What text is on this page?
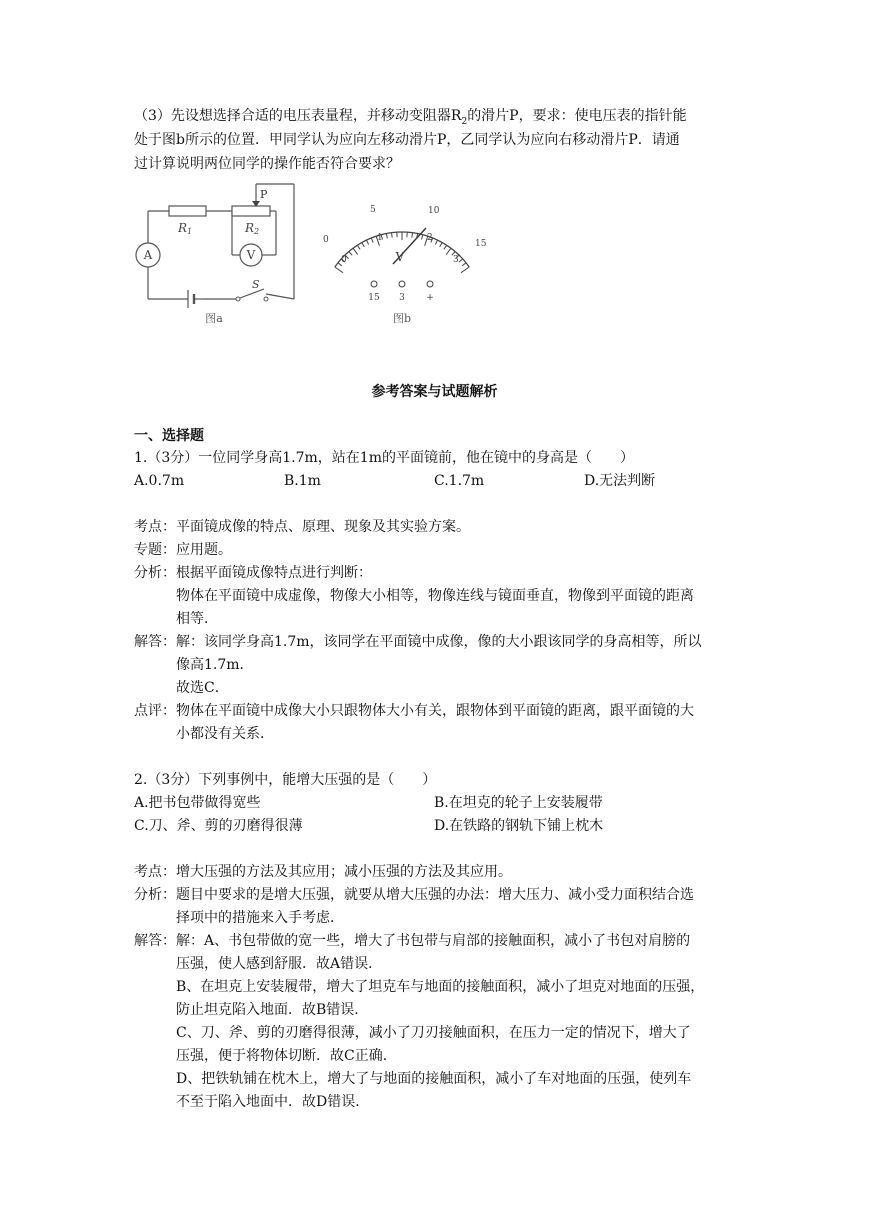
（3）先设想选择合适的电压表量程，并移动变阻器$R_2$的滑片P，要求：使电压表的指针能
处于图b所示的位置．甲同学认为应向左移动滑片P，乙同学认为应向右移动滑片P．请通
过计算说明两位同学的操作能否符合要求？
P
R1	R2
A	V
S
图a
0
5	10
15
0
1	2
3
V
15 3 +
图b
参考答案与试题解析
一、选择题
1.（3分）一位同学身高1.7m，站在1m的平面镜前，他在镜中的身高是（　　）
A.0.7m	B.1m	C.1.7m	D.无法判断
考点：平面镜成像的特点、原理、现象及其实验方案。
专题：应用题。
分析：根据平面镜成像特点进行判断：
物体在平面镜中成虚像，物像大小相等，物像连线与镜面垂直，物像到平面镜的距离
相等．
解答：解：该同学身高1.7m，该同学在平面镜中成像，像的大小跟该同学的身高相等，所以
像高1.7m．
故选C．
点评：物体在平面镜中成像大小只跟物体大小有关，跟物体到平面镜的距离，跟平面镜的大
小都没有关系．
2.（3分）下列事例中，能增大压强的是（　　）
A.把书包带做得宽些	B.在坦克的轮子上安装履带
C.刀、斧、剪的刃磨得很薄	D.在铁路的钢轨下铺上枕木
考点：增大压强的方法及其应用；减小压强的方法及其应用。
分析：题目中要求的是增大压强，就要从增大压强的办法：增大压力、减小受力面积结合选
择项中的措施来入手考虑．
解答：解：A、书包带做的宽一些，增大了书包带与肩部的接触面积，减小了书包对肩膀的
压强，使人感到舒服．故A错误．
B、在坦克上安装履带，增大了坦克车与地面的接触面积，减小了坦克对地面的压强，
防止坦克陷入地面．故B错误．
C、刀、斧、剪的刃磨得很薄，减小了刀刃接触面积，在压力一定的情况下，增大了
压强，便于将物体切断．故C正确．
D、把铁轨铺在枕木上，增大了与地面的接触面积，减小了车对地面的压强，使列车
不至于陷入地面中．故D错误．
